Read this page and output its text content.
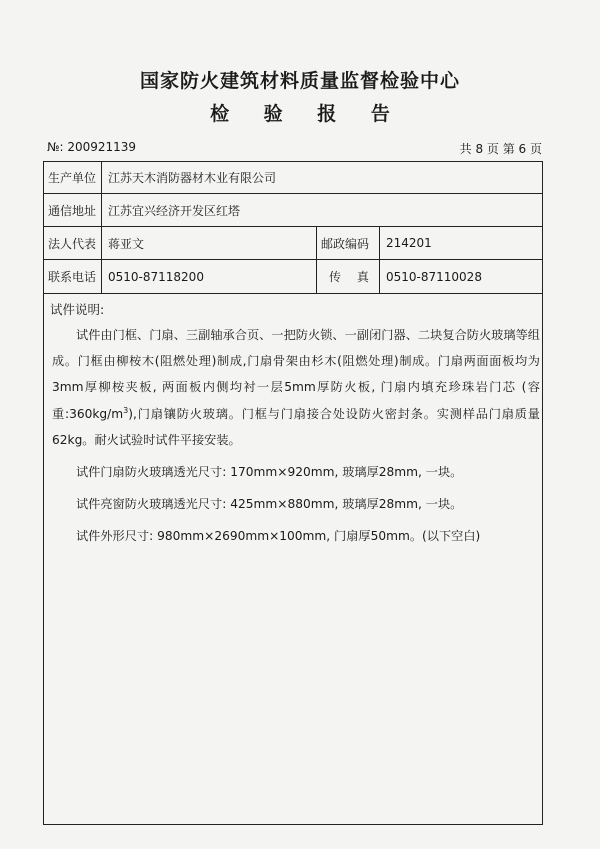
国家防火建筑材料质量监督检验中心
检 验 报 告
№: 200921139	共 8 页 第 6 页
生产单位 江苏天木消防器材木业有限公司
通信地址 江苏宜兴经济开发区红塔
法人代表 蒋亚文	邮政编码	214201
联系电话 0510-87118200	传　 真	0510-87110028
试件说明:

试件由门框、门扇、三副轴承合页、一把防火锁、一副闭门器、二块复合防火玻璃等组成。门框由柳桉木(阻燃处理)制成,门扇骨架由杉木(阻燃处理)制成。门扇两面面板均为3mm厚柳桉夹板, 两面板内侧均衬一层5mm厚防火板, 门扇内填充珍珠岩门芯 (容重$:360kg/m^3$),门扇镶防火玻璃。门框与门扇接合处设防火密封条。实测样品门扇质量62kg。耐火试验时试件平接安装。

试件门扇防火玻璃透光尺寸: 170mm×920mm, 玻璃厚28mm, 一块。

试件亮窗防火玻璃透光尺寸: 425mm×880mm, 玻璃厚28mm, 一块。

试件外形尺寸: 980mm×2690mm×100mm, 门扇厚50mm。(以下空白)
